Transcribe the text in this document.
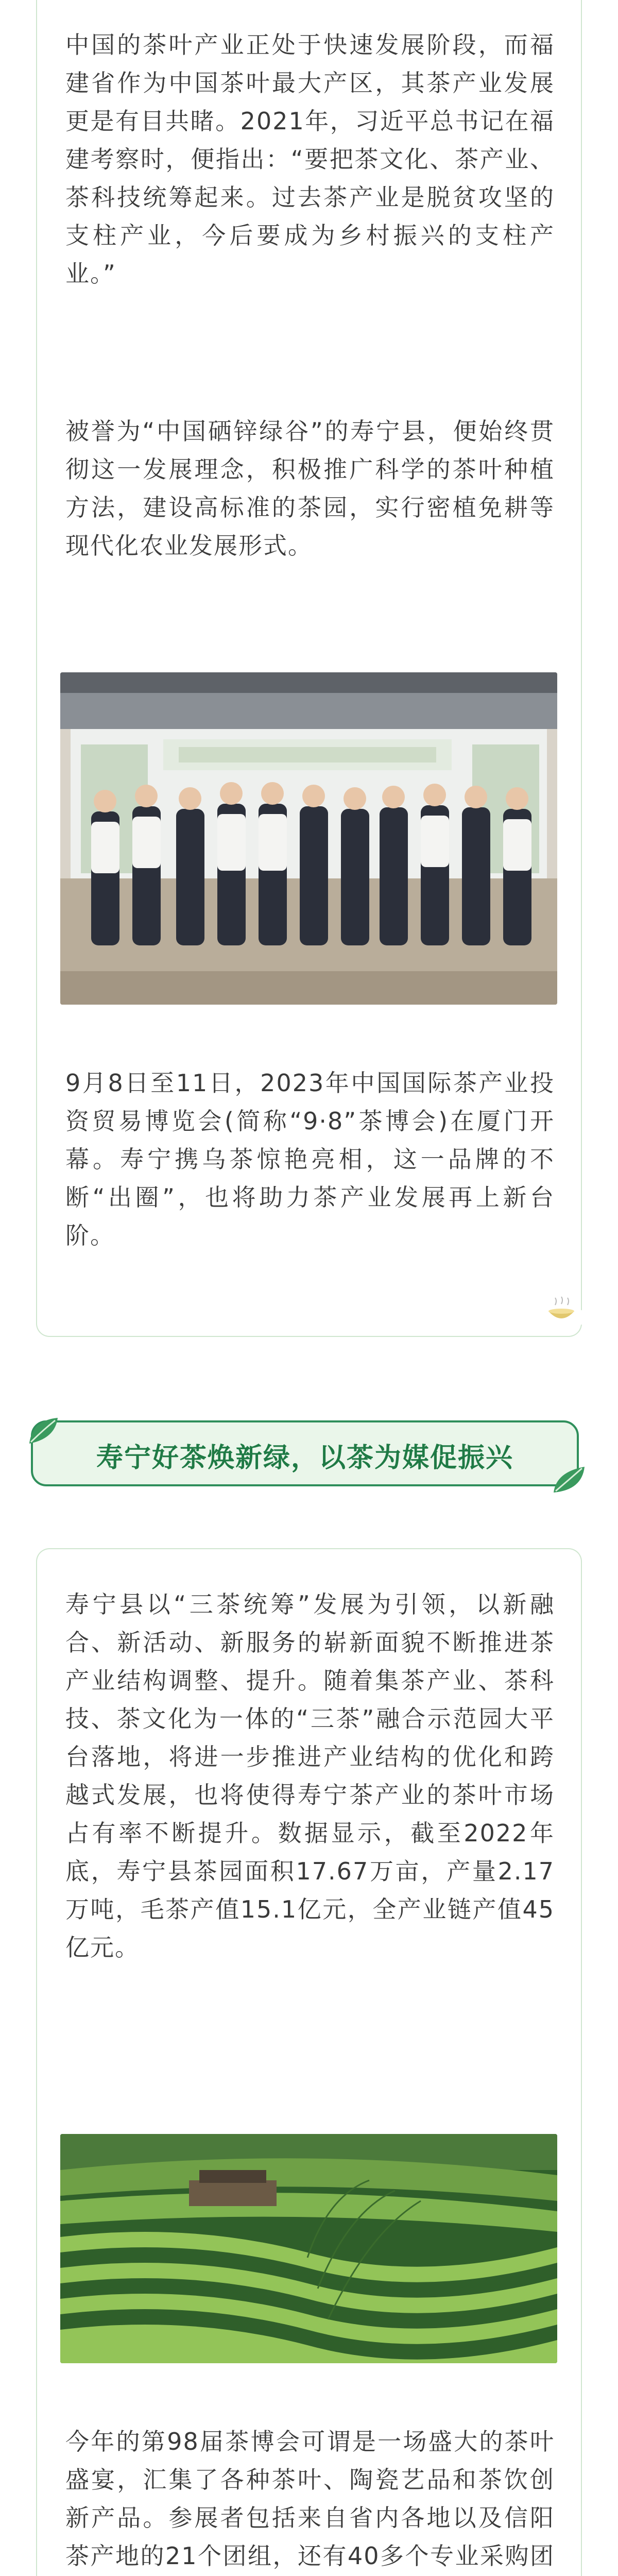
中国的茶叶产业正处于快速发展阶段，而福建省作为中国茶叶最大产区，其茶产业发展更是有目共睹。2021年，习近平总书记在福建考察时，便指出：“要把茶文化、茶产业、茶科技统筹起来。过去茶产业是脱贫攻坚的支柱产业，今后要成为乡村振兴的支柱产业。”

被誉为“中国硒锌绿谷”的寿宁县，便始终贯彻这一发展理念，积极推广科学的茶叶种植方法，建设高标准的茶园，实行密植免耕等现代化农业发展形式。

9月8日至11日，2023年中国国际茶产业投资贸易博览会(简称“9·8”茶博会)在厦门开幕。寿宁携乌茶惊艳亮相，这一品牌的不断“出圈”，也将助力茶产业发展再上新台阶。

寿宁好茶焕新绿，以茶为媒促振兴

寿宁县以“三茶统筹”发展为引领，以新融合、新活动、新服务的崭新面貌不断推进茶产业结构调整、提升。随着集茶产业、茶科技、茶文化为一体的“三茶”融合示范园大平台落地，将进一步推进产业结构的优化和跨越式发展，也将使得寿宁茶产业的茶叶市场占有率不断提升。数据显示，截至2022年底，寿宁县茶园面积17.67万亩，产量2.17万吨，毛茶产值15.1亿元，全产业链产值45亿元。

今年的第98届茶博会可谓是一场盛大的茶叶盛宴，汇集了各种茶叶、陶瓷艺品和茶饮创新产品。参展者包括来自省内各地以及信阳茶产地的21个团组，还有40多个专业采购团
